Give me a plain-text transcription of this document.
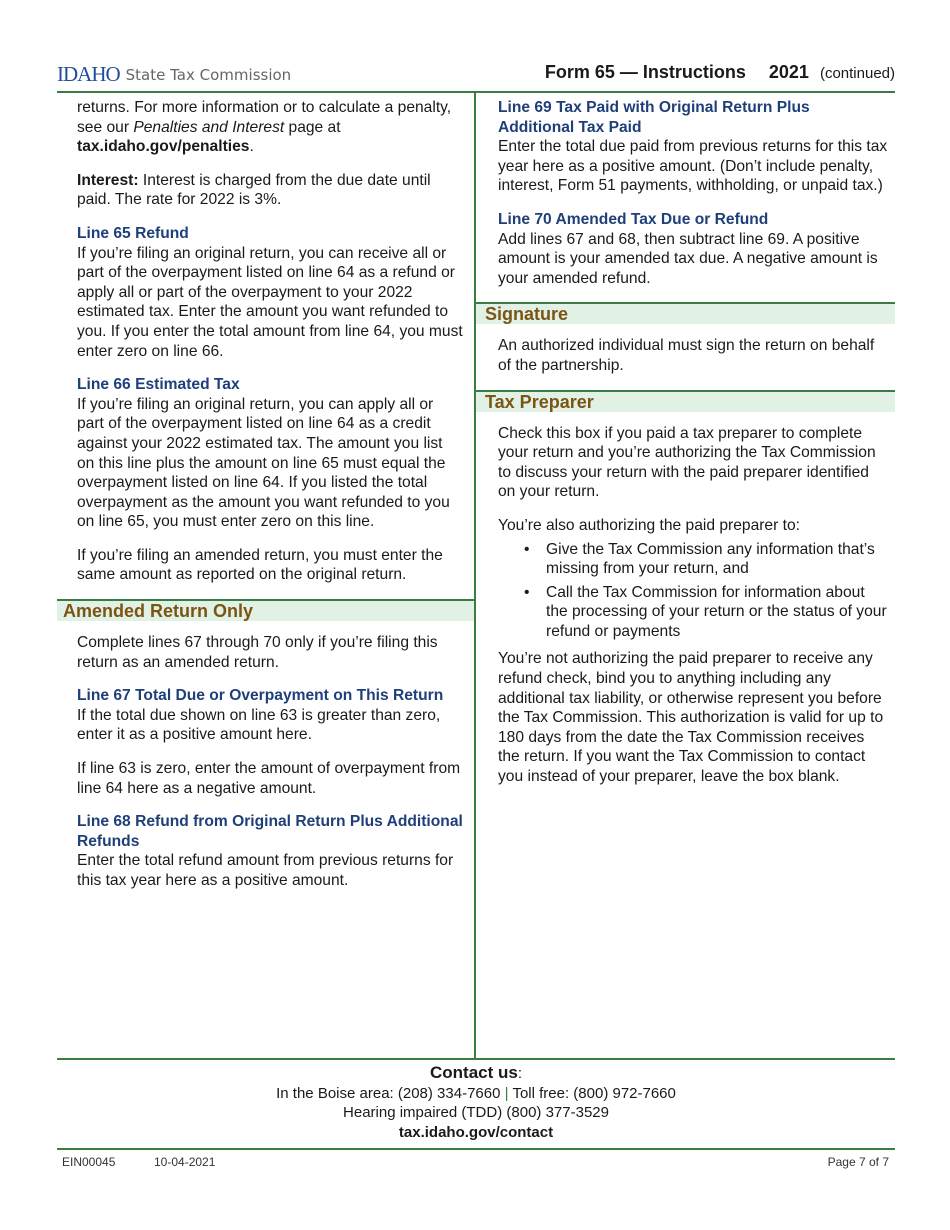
IDAHO State Tax Commission	Form 65 — Instructions 2021 (continued)

returns. For more information or to calculate a penalty, see our Penalties and Interest page at tax.idaho.gov/penalties.

Interest: Interest is charged from the due date until paid. The rate for 2022 is 3%.

Line 65 Refund

If you’re filing an original return, you can receive all or part of the overpayment listed on line 64 as a refund or apply all or part of the overpayment to your 2022 estimated tax. Enter the amount you want refunded to you. If you enter the total amount from line 64, you must enter zero on line 66.

Line 66 Estimated Tax

If you’re filing an original return, you can apply all or part of the overpayment listed on line 64 as a credit against your 2022 estimated tax. The amount you list on this line plus the amount on line 65 must equal the overpayment listed on line 64. If you listed the total overpayment as the amount you want refunded to you on line 65, you must enter zero on this line.

If you’re filing an amended return, you must enter the same amount as reported on the original return.

Amended Return Only

Complete lines 67 through 70 only if you’re filing this return as an amended return.

Line 67 Total Due or Overpayment on This Return

If the total due shown on line 63 is greater than zero, enter it as a positive amount here.

If line 63 is zero, enter the amount of overpayment from line 64 here as a negative amount.

Line 68 Refund from Original Return Plus Additional Refunds

Enter the total refund amount from previous returns for this tax year here as a positive amount.

Line 69 Tax Paid with Original Return Plus Additional Tax Paid

Enter the total due paid from previous returns for this tax year here as a positive amount. (Don’t include penalty, interest, Form 51 payments, withholding, or unpaid tax.)

Line 70 Amended Tax Due or Refund

Add lines 67 and 68, then subtract line 69. A positive amount is your amended tax due. A negative amount is your amended refund.

Signature

An authorized individual must sign the return on behalf of the partnership.

Tax Preparer

Check this box if you paid a tax preparer to complete your return and you’re authorizing the Tax Commission to discuss your return with the paid preparer identified on your return.

You’re also authorizing the paid preparer to:

• Give the Tax Commission any information that’s missing from your return, and
• Call the Tax Commission for information about the processing of your return or the status of your refund or payments

You’re not authorizing the paid preparer to receive any refund check, bind you to anything including any additional tax liability, or otherwise represent you before the Tax Commission. This authorization is valid for up to 180 days from the date the Tax Commission receives the return. If you want the Tax Commission to contact you instead of your preparer, leave the box blank.

Contact us:
In the Boise area: (208) 334-7660 | Toll free: (800) 972-7660
Hearing impaired (TDD) (800) 377-3529
tax.idaho.gov/contact
EIN00045	10-04-2021	Page 7 of 7
